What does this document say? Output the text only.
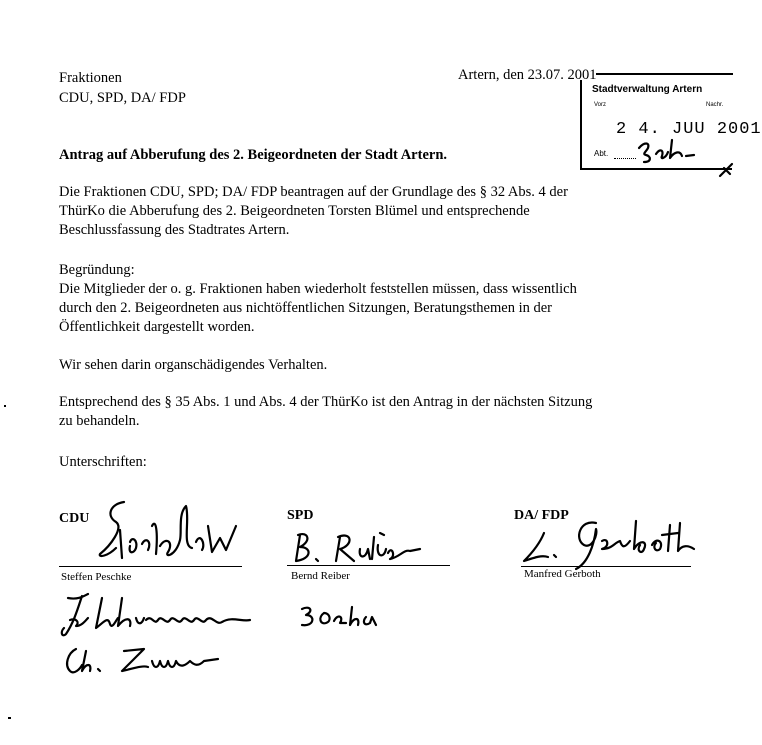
Fraktionen
CDU, SPD, DA/ FDP
Artern, den 23.07. 2001
Stadtverwaltung Artern
Vorz	Nachr.
2 4. JUU 2001
Abt.
Antrag auf Abberufung des 2. Beigeordneten der Stadt Artern.
Die Fraktionen CDU, SPD; DA/ FDP beantragen auf der Grundlage des § 32 Abs. 4 der
ThürKo die Abberufung des 2. Beigeordneten Torsten Blümel und entsprechende
Beschlussfassung des Stadtrates Artern.
Begründung:
Die Mitglieder der o. g. Fraktionen haben wiederholt feststellen müssen, dass wissentlich
durch den 2. Beigeordneten aus nichtöffentlichen Sitzungen, Beratungsthemen in der
Öffentlichkeit dargestellt worden.
Wir sehen darin organschädigendes Verhalten.
Entsprechend des § 35 Abs. 1 und Abs. 4 der ThürKo ist den Antrag in der nächsten Sitzung
zu behandeln.
Unterschriften:
CDU	SPD	DA/ FDP
Steffen Peschke	Bernd Reiber	Manfred Gerboth
